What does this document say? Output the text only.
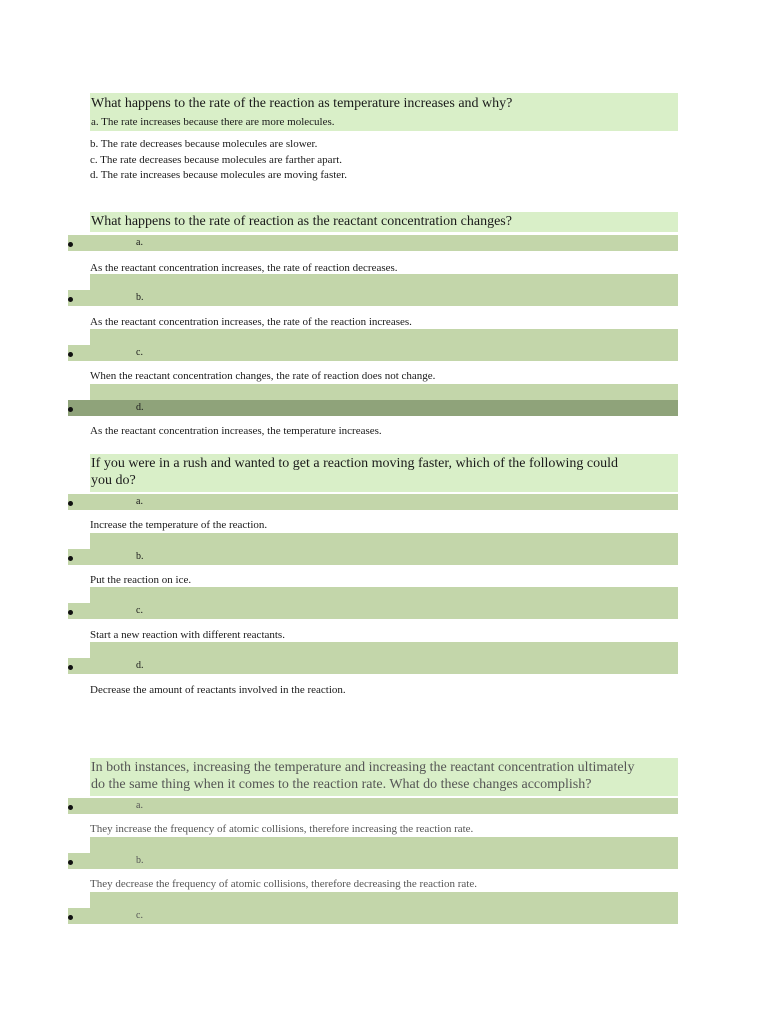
What happens to the rate of the reaction as temperature increases and why?
a. The rate increases because there are more molecules.
b. The rate decreases because molecules are slower.
c. The rate decreases because molecules are farther apart.
d. The rate increases because molecules are moving faster.
What happens to the rate of reaction as the reactant concentration changes?
a.
As the reactant concentration increases, the rate of reaction decreases.
b.
As the reactant concentration increases, the rate of the reaction increases.
c.
When the reactant concentration changes, the rate of reaction does not change.
d.
As the reactant concentration increases, the temperature increases.
If you were in a rush and wanted to get a reaction moving faster, which of the following could
you do?
a.
Increase the temperature of the reaction.
b.
Put the reaction on ice.
c.
Start a new reaction with different reactants.
d.
Decrease the amount of reactants involved in the reaction.
In both instances, increasing the temperature and increasing the reactant concentration ultimately
do the same thing when it comes to the reaction rate. What do these changes accomplish?
a.
They increase the frequency of atomic collisions, therefore increasing the reaction rate.
b.
They decrease the frequency of atomic collisions, therefore decreasing the reaction rate.
c.
